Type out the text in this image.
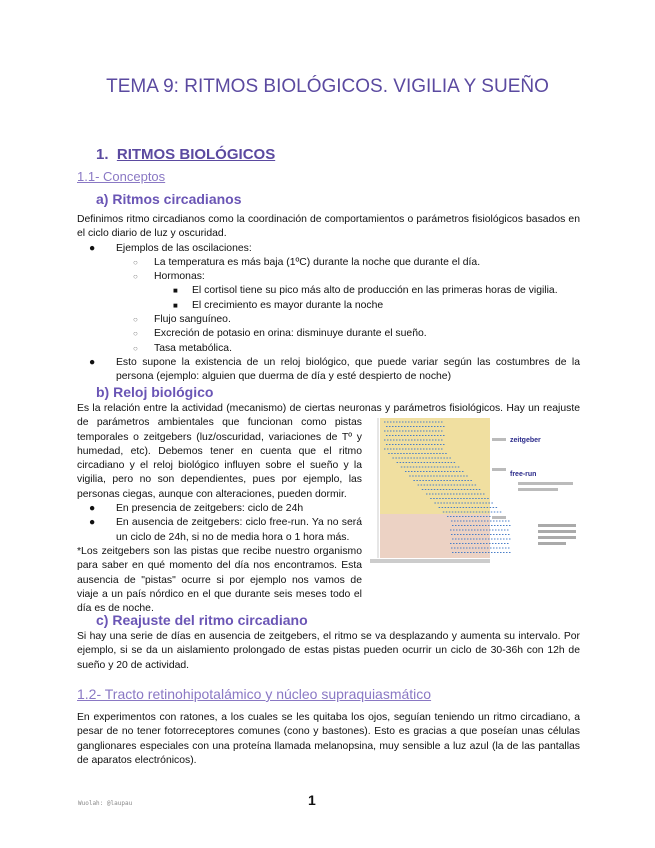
TEMA 9: RITMOS BIOLÓGICOS. VIGILIA Y SUEÑO
1. RITMOS BIOLÓGICOS
1.1- Conceptos
a) Ritmos circadianos
Definimos ritmo circadianos como la coordinación de comportamientos o parámetros fisiológicos basados en el ciclo diario de luz y oscuridad.
● Ejemplos de las oscilaciones:
○ La temperatura es más baja (1ºC) durante la noche que durante el día.
○ Hormonas:
■ El cortisol tiene su pico más alto de producción en las primeras horas de vigilia.
■ El crecimiento es mayor durante la noche
○ Flujo sanguíneo.
○ Excreción de potasio en orina: disminuye durante el sueño.
○ Tasa metabólica.
● Esto supone la existencia de un reloj biológico, que puede variar según las costumbres de la persona (ejemplo: alguien que duerma de día y esté despierto de noche)
b) Reloj biológico
zeitgeber
free-run
Es la relación entre la actividad (mecanismo) de ciertas neuronas y parámetros fisiológicos. Hay un reajuste de parámetros ambientales que funcionan como pistas temporales o zeitgebers (luz/oscuridad, variaciones de Tº y humedad, etc). Debemos tener en cuenta que el ritmo circadiano y el reloj biológico influyen sobre el sueño y la vigilia, pero no son dependientes, pues por ejemplo, las personas ciegas, aunque con alteraciones, pueden dormir.
● En presencia de zeitgebers: ciclo de 24h
● En ausencia de zeitgebers: ciclo free-run. Ya no será un ciclo de 24h, si no de media hora o 1 hora más.
*Los zeitgebers son las pistas que recibe nuestro organismo para saber en qué momento del día nos encontramos. Esta ausencia de "pistas" ocurre si por ejemplo nos vamos de viaje a un país nórdico en el que durante seis meses todo el día es de noche.
c) Reajuste del ritmo circadiano
Si hay una serie de días en ausencia de zeitgebers, el ritmo se va desplazando y aumenta su intervalo. Por ejemplo, si se da un aislamiento prolongado de estas pistas pueden ocurrir un ciclo de 30-36h con 12h de sueño y 20 de actividad.
1.2- Tracto retinohipotalámico y núcleo supraquiasmático
En experimentos con ratones, a los cuales se les quitaba los ojos, seguían teniendo un ritmo circadiano, a pesar de no tener fotorreceptores comunes (cono y bastones). Esto es gracias a que poseían unas células ganglionares especiales con una proteína llamada melanopsina, muy sensible a luz azul (la de las pantallas de aparatos electrónicos).
Wuolah: @laupau	1
